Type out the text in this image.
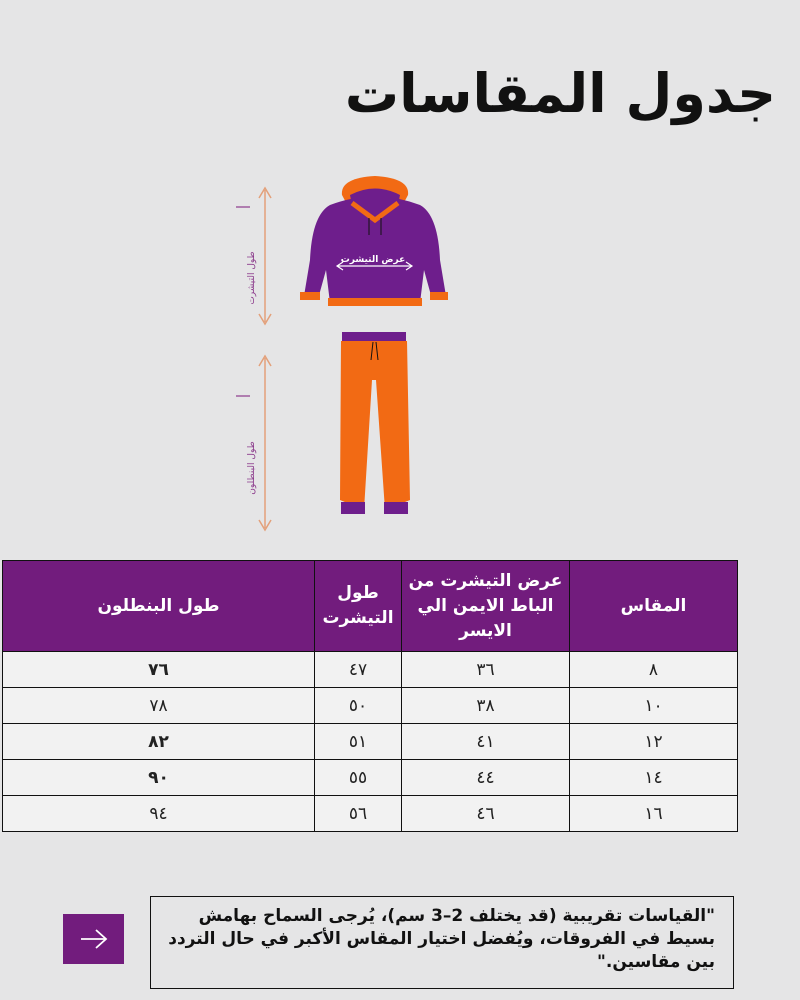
جدول المقاسات
طول التيشرت
طول البنطلون
عرض التيشرت
المقاس	عرض التيشرت من الباط الايمن الي الايسر	طول التيشرت	طول البنطلون
٨	٣٦	٤٧	٧٦
١٠	٣٨	٥٠	٧٨
١٢	٤١	٥١	٨٢
١٤	٤٤	٥٥	٩٠
١٦	٤٦	٥٦	٩٤
"القياسات تقريبية (قد يختلف 2–3 سم)، يُرجى السماح بهامش بسيط في الفروقات، ويُفضل اختيار المقاس الأكبر في حال التردد بين مقاسين."
